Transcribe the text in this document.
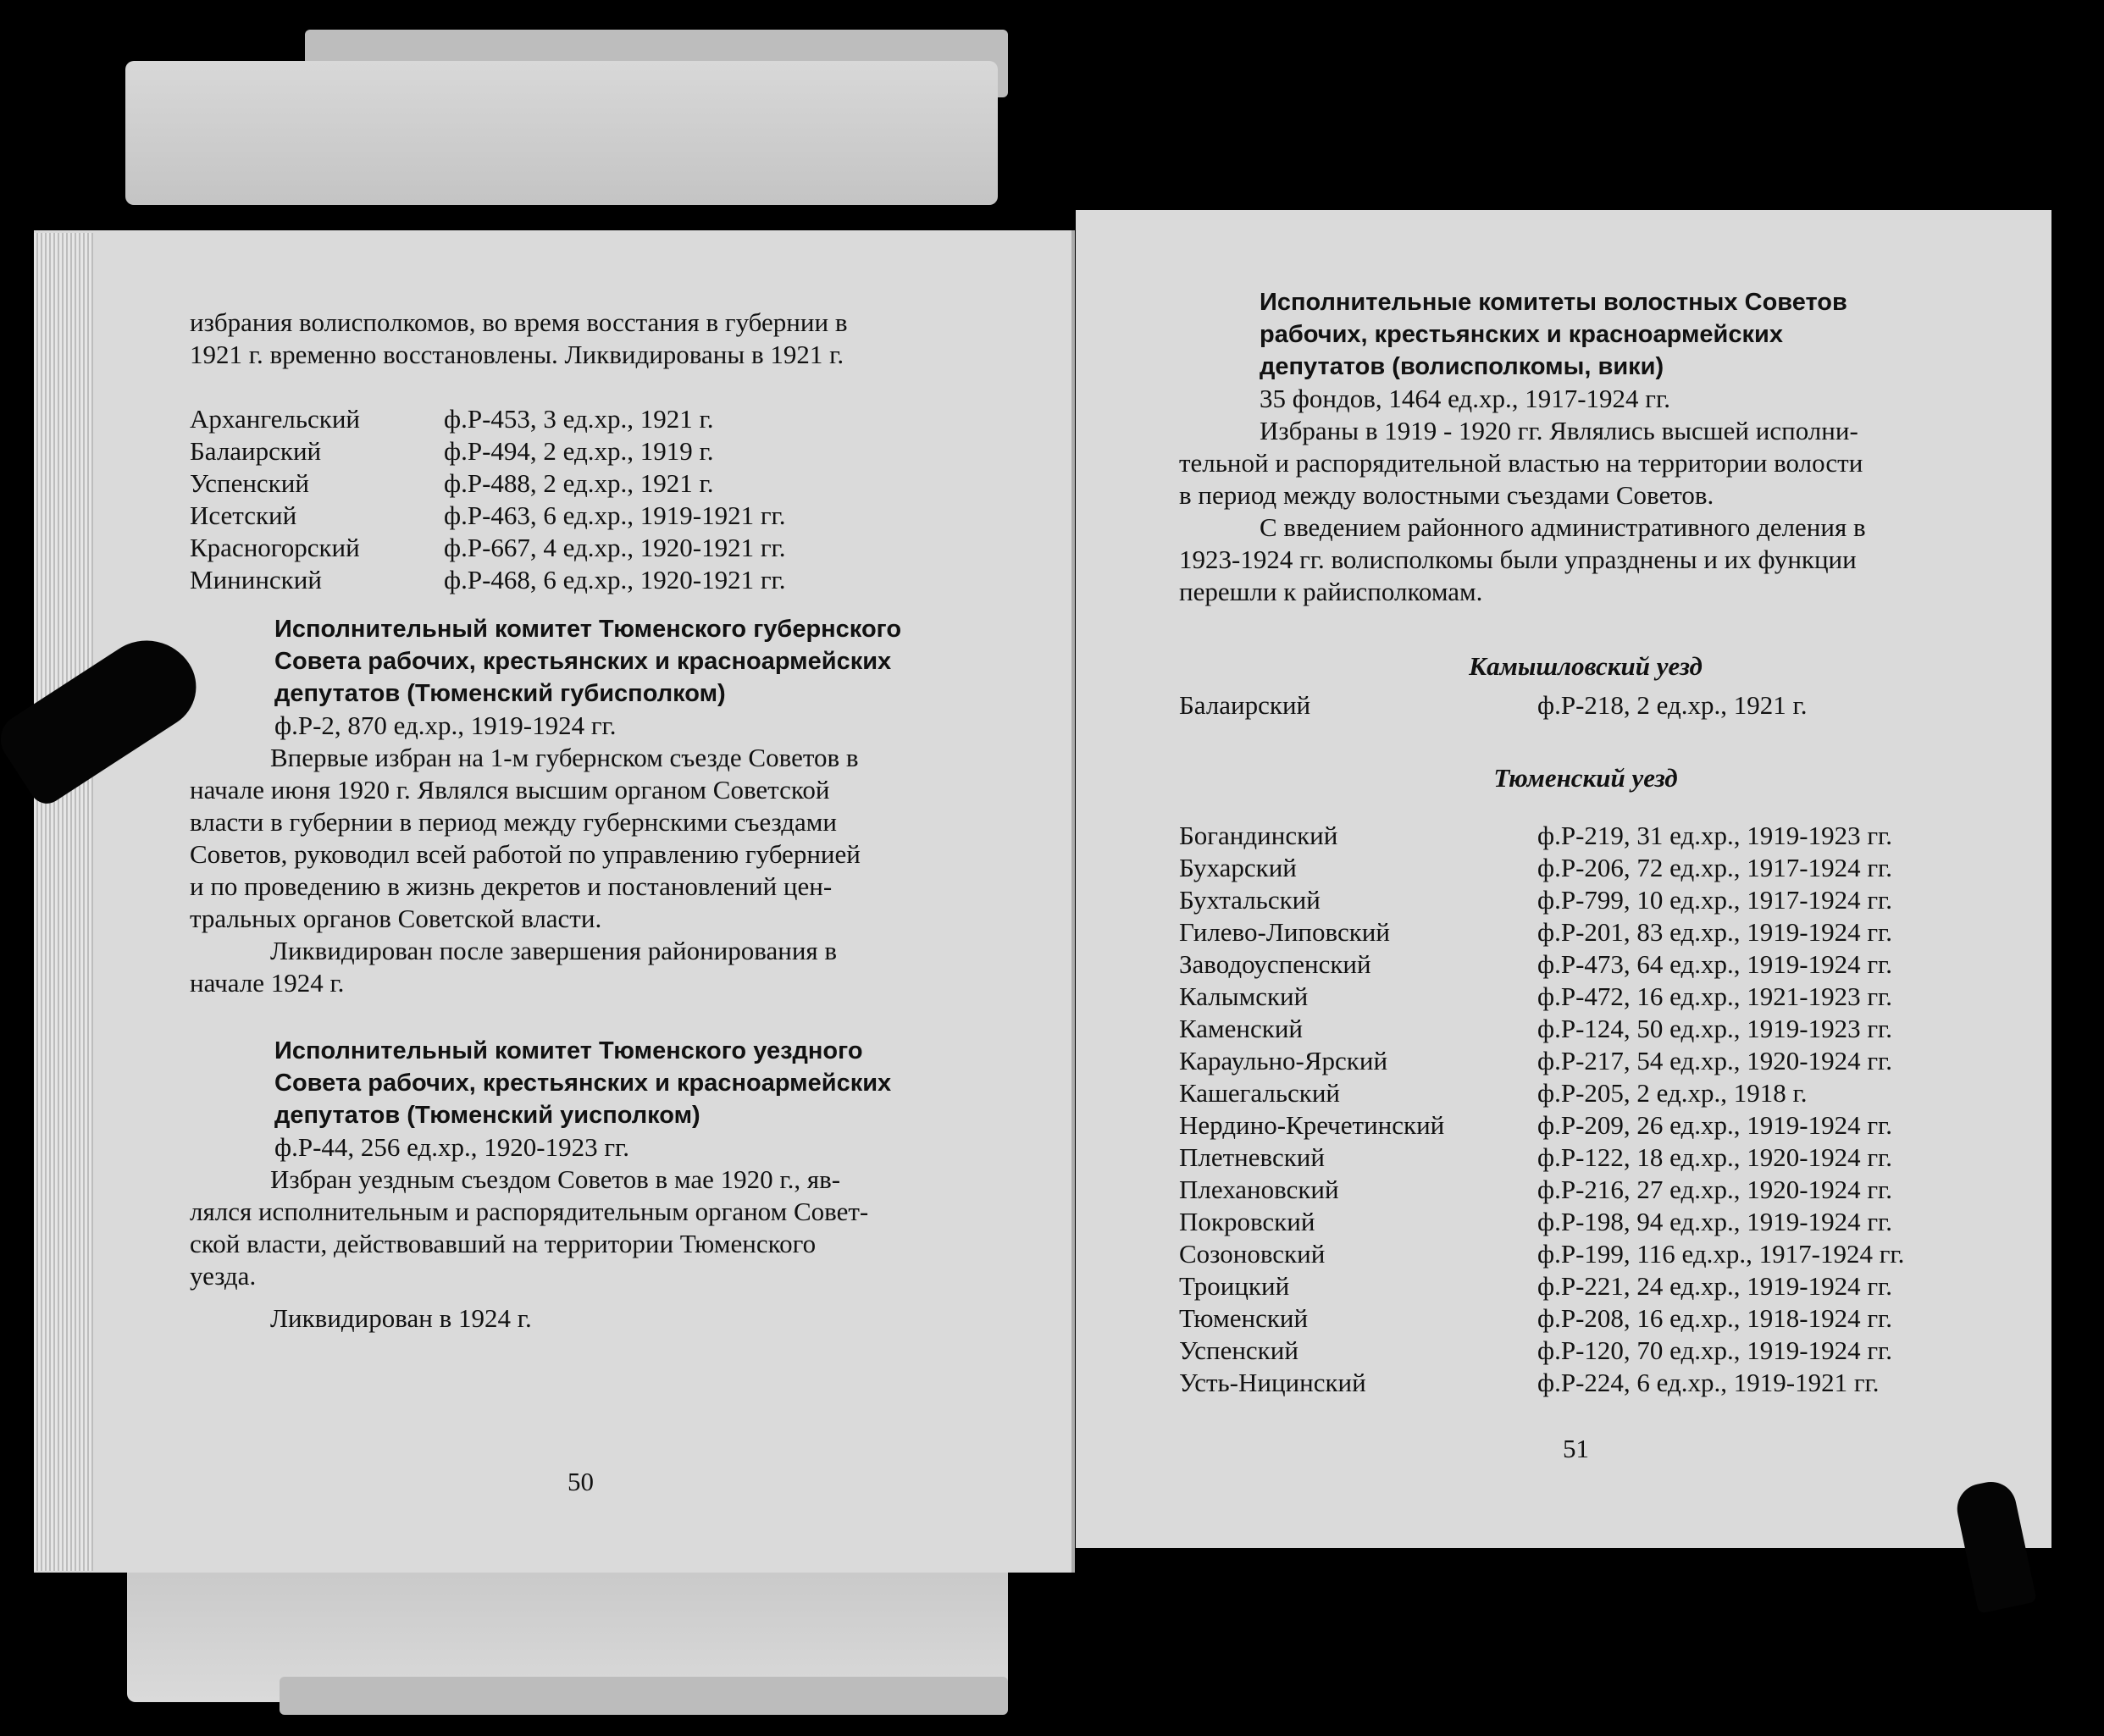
избрания волисполкомов, во время восстания в губернии в

1921 г. временно восстановлены. Ликвидированы в 1921 г.

Архангельский	ф.Р-453, 3 ед.хр., 1921 г.
Балаирский	ф.Р-494, 2 ед.хр., 1919 г.
Успенский	ф.Р-488, 2 ед.хр., 1921 г.
Исетский	ф.Р-463, 6 ед.хр., 1919-1921 гг.
Красногорский	ф.Р-667, 4 ед.хр., 1920-1921 гг.
Мининский	ф.Р-468, 6 ед.хр., 1920-1921 гг.

Исполнительный комитет Тюменского губернского

Совета рабочих, крестьянских и красноармейских

депутатов (Тюменский губисполком)

ф.Р-2, 870 ед.хр., 1919-1924 гг.

Впервые избран на 1-м губернском съезде Советов в

начале июня 1920 г. Являлся высшим органом Советской

власти в губернии в период между губернскими съездами

Советов, руководил всей работой по управлению губернией

и по проведению в жизнь декретов и постановлений цен-

тральных органов Советской власти.

Ликвидирован после завершения районирования в

начале 1924 г.

Исполнительный комитет Тюменского уездного

Совета рабочих, крестьянских и красноармейских

депутатов (Тюменский уисполком)

ф.Р-44, 256 ед.хр., 1920-1923 гг.

Избран уездным съездом Советов в мае 1920 г., яв-

лялся исполнительным и распорядительным органом Совет-

ской власти, действовавший на территории Тюменского

уезда.

Ликвидирован в 1924 г.

50

Исполнительные комитеты волостных Советов

рабочих, крестьянских и красноармейских

депутатов (волисполкомы, вики)

35 фондов, 1464 ед.хр., 1917-1924 гг.

Избраны в 1919 - 1920 гг. Являлись высшей исполни-

тельной и распорядительной властью на территории волости

в период между волостными съездами Советов.

С введением районного административного деления в

1923-1924 гг. волисполкомы были упразднены и их функции

перешли к райисполкомам.

Камышловский уезд

Балаирский	ф.Р-218, 2 ед.хр., 1921 г.

Тюменский уезд

Богандинский	ф.Р-219, 31 ед.хр., 1919-1923 гг.
Бухарский	ф.Р-206, 72 ед.хр., 1917-1924 гг.
Бухтальский	ф.Р-799, 10 ед.хр., 1917-1924 гг.
Гилево-Липовский	ф.Р-201, 83 ед.хр., 1919-1924 гг.
Заводоуспенский	ф.Р-473, 64 ед.хр., 1919-1924 гг.
Калымский	ф.Р-472, 16 ед.хр., 1921-1923 гг.
Каменский	ф.Р-124, 50 ед.хр., 1919-1923 гг.
Караульно-Ярский	ф.Р-217, 54 ед.хр., 1920-1924 гг.
Кашегальский	ф.Р-205, 2 ед.хр., 1918 г.
Нердино-Кречетинский	ф.Р-209, 26 ед.хр., 1919-1924 гг.
Плетневский	ф.Р-122, 18 ед.хр., 1920-1924 гг.
Плехановский	ф.Р-216, 27 ед.хр., 1920-1924 гг.
Покровский	ф.Р-198, 94 ед.хр., 1919-1924 гг.
Созоновский	ф.Р-199, 116 ед.хр., 1917-1924 гг.
Троицкий	ф.Р-221, 24 ед.хр., 1919-1924 гг.
Тюменский	ф.Р-208, 16 ед.хр., 1918-1924 гг.
Успенский	ф.Р-120, 70 ед.хр., 1919-1924 гг.
Усть-Ницинский	ф.Р-224, 6 ед.хр., 1919-1921 гг.
51
